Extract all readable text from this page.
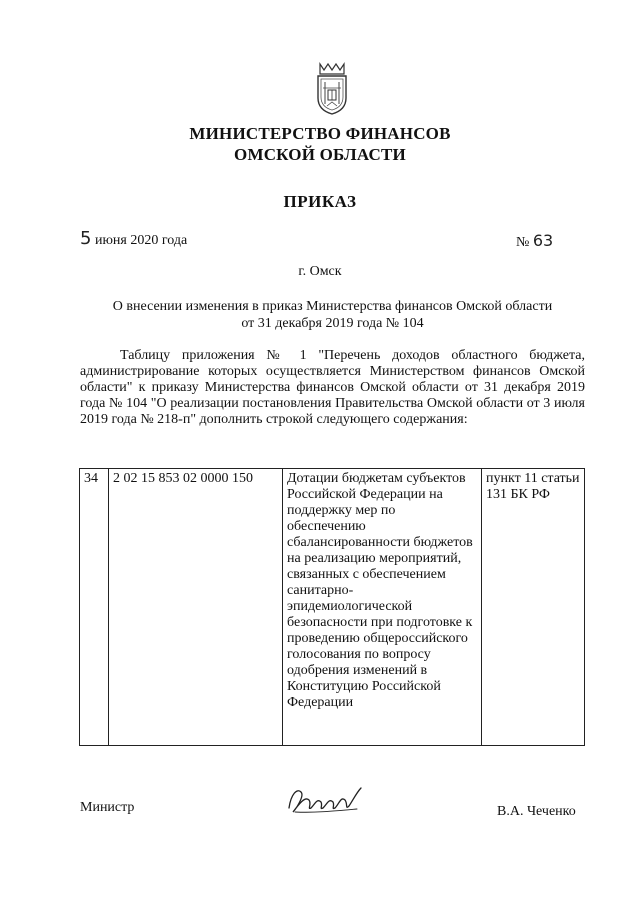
МИНИСТЕРСТВО ФИНАНСОВ
ОМСКОЙ ОБЛАСТИ
ПРИКАЗ
5 июня 2020 года	№ 63
г. Омск
О внесении изменения в приказ Министерства финансов Омской области
от 31 декабря 2019 года № 104
Таблицу приложения № 1 "Перечень доходов областного бюджета, администрирование которых осуществляется Министерством финансов Омской области" к приказу Министерства финансов Омской области от 31 декабря 2019 года № 104 "О реализации постановления Правительства Омской области от 3 июля 2019 года № 218-п" дополнить строкой следующего содержания:
34	2 02 15 853 02 0000 150	Дотации бюджетам субъектов Российской Федерации на поддержку мер по обеспечению сбалансированности бюджетов на реализацию мероприятий, связанных с обеспечением санитарно-эпидемиологической безопасности при подготовке к проведению общероссийского голосования по вопросу одобрения изменений в Конституцию Российской Федерации	пункт 11 статьи 131 БК РФ
Министр	В.А. Чеченко
